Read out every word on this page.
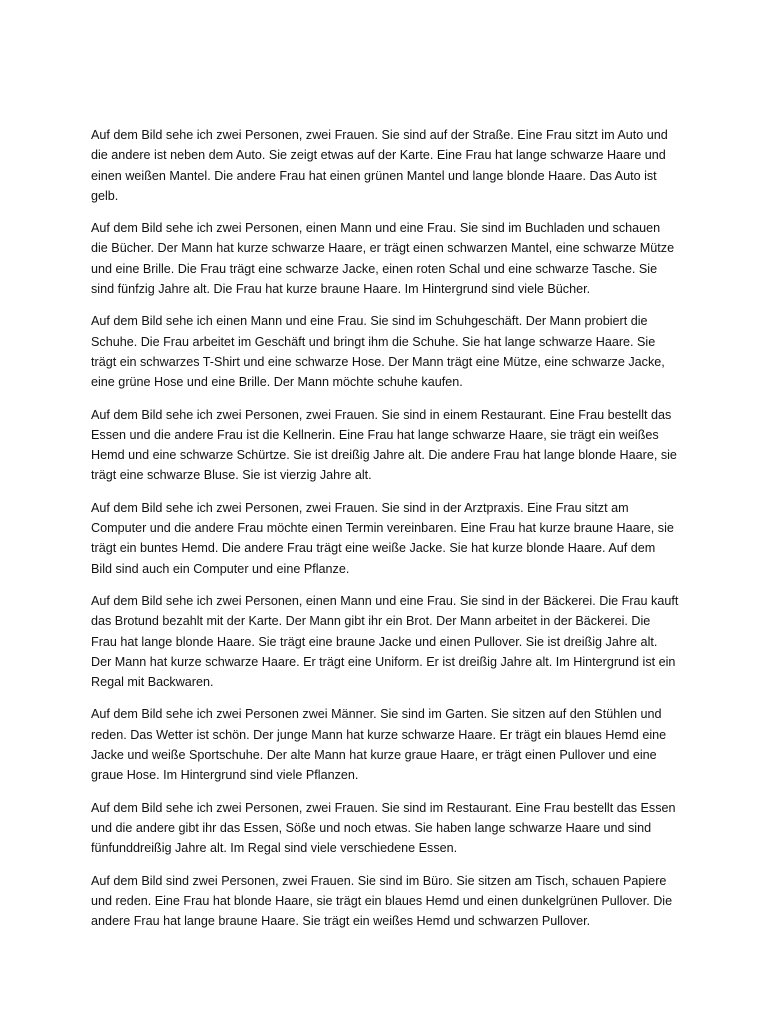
Auf dem Bild sehe ich zwei Personen, zwei Frauen. Sie sind auf der Straße. Eine Frau sitzt im Auto und die andere ist neben dem Auto. Sie zeigt etwas auf der Karte. Eine Frau hat lange schwarze Haare und einen weißen Mantel. Die andere Frau hat einen grünen Mantel und lange blonde Haare. Das Auto ist gelb.

Auf dem Bild sehe ich zwei Personen, einen Mann und eine Frau. Sie sind im Buchladen und schauen die Bücher. Der Mann hat kurze schwarze Haare, er trägt einen schwarzen Mantel, eine schwarze Mütze und eine Brille. Die Frau trägt eine schwarze Jacke, einen roten Schal und eine schwarze Tasche. Sie sind fünfzig Jahre alt. Die Frau hat kurze braune Haare. Im Hintergrund sind viele Bücher.

Auf dem Bild sehe ich einen Mann und eine Frau. Sie sind im Schuhgeschäft. Der Mann probiert die Schuhe. Die Frau arbeitet im Geschäft und bringt ihm die Schuhe. Sie hat lange schwarze Haare. Sie trägt ein schwarzes T-Shirt und eine schwarze Hose. Der Mann trägt eine Mütze, eine schwarze Jacke, eine grüne Hose und eine Brille. Der Mann möchte schuhe kaufen.

Auf dem Bild sehe ich zwei Personen, zwei Frauen. Sie sind in einem Restaurant. Eine Frau bestellt das Essen und die andere Frau ist die Kellnerin. Eine Frau hat lange schwarze Haare, sie trägt ein weißes Hemd und eine schwarze Schürtze. Sie ist dreißig Jahre alt. Die andere Frau hat lange blonde Haare, sie trägt eine schwarze Bluse. Sie ist vierzig Jahre alt.

Auf dem Bild sehe ich zwei Personen, zwei Frauen. Sie sind in der Arztpraxis. Eine Frau sitzt am Computer und die andere Frau möchte einen Termin vereinbaren. Eine Frau hat kurze braune Haare, sie trägt ein buntes Hemd. Die andere Frau trägt eine weiße Jacke. Sie hat kurze blonde Haare. Auf dem Bild sind auch ein Computer und eine Pflanze.

Auf dem Bild sehe ich zwei Personen, einen Mann und eine Frau. Sie sind in der Bäckerei. Die Frau kauft das Brotund bezahlt mit der Karte. Der Mann gibt ihr ein Brot. Der Mann arbeitet in der Bäckerei. Die Frau hat lange blonde Haare. Sie trägt eine braune Jacke und einen Pullover. Sie ist dreißig Jahre alt. Der Mann hat kurze schwarze Haare. Er trägt eine Uniform. Er ist dreißig Jahre alt. Im Hintergrund ist ein Regal mit Backwaren.

Auf dem Bild sehe ich zwei Personen zwei Männer. Sie sind im Garten. Sie sitzen auf den Stühlen und reden. Das Wetter ist schön. Der junge Mann hat kurze schwarze Haare. Er trägt ein blaues Hemd eine Jacke und weiße Sportschuhe. Der alte Mann hat kurze graue Haare, er trägt einen Pullover und eine graue Hose. Im Hintergrund sind viele Pflanzen.

Auf dem Bild sehe ich zwei Personen, zwei Frauen. Sie sind im Restaurant. Eine Frau bestellt das Essen und die andere gibt ihr das Essen, Söße und noch etwas. Sie haben lange schwarze Haare und sind fünfunddreißig Jahre alt. Im Regal sind viele verschiedene Essen.

Auf dem Bild sind zwei Personen, zwei Frauen. Sie sind im Büro. Sie sitzen am Tisch, schauen Papiere und reden. Eine Frau hat blonde Haare, sie trägt ein blaues Hemd und einen dunkelgrünen Pullover. Die andere Frau hat lange braune Haare. Sie trägt ein weißes Hemd und schwarzen Pullover.
